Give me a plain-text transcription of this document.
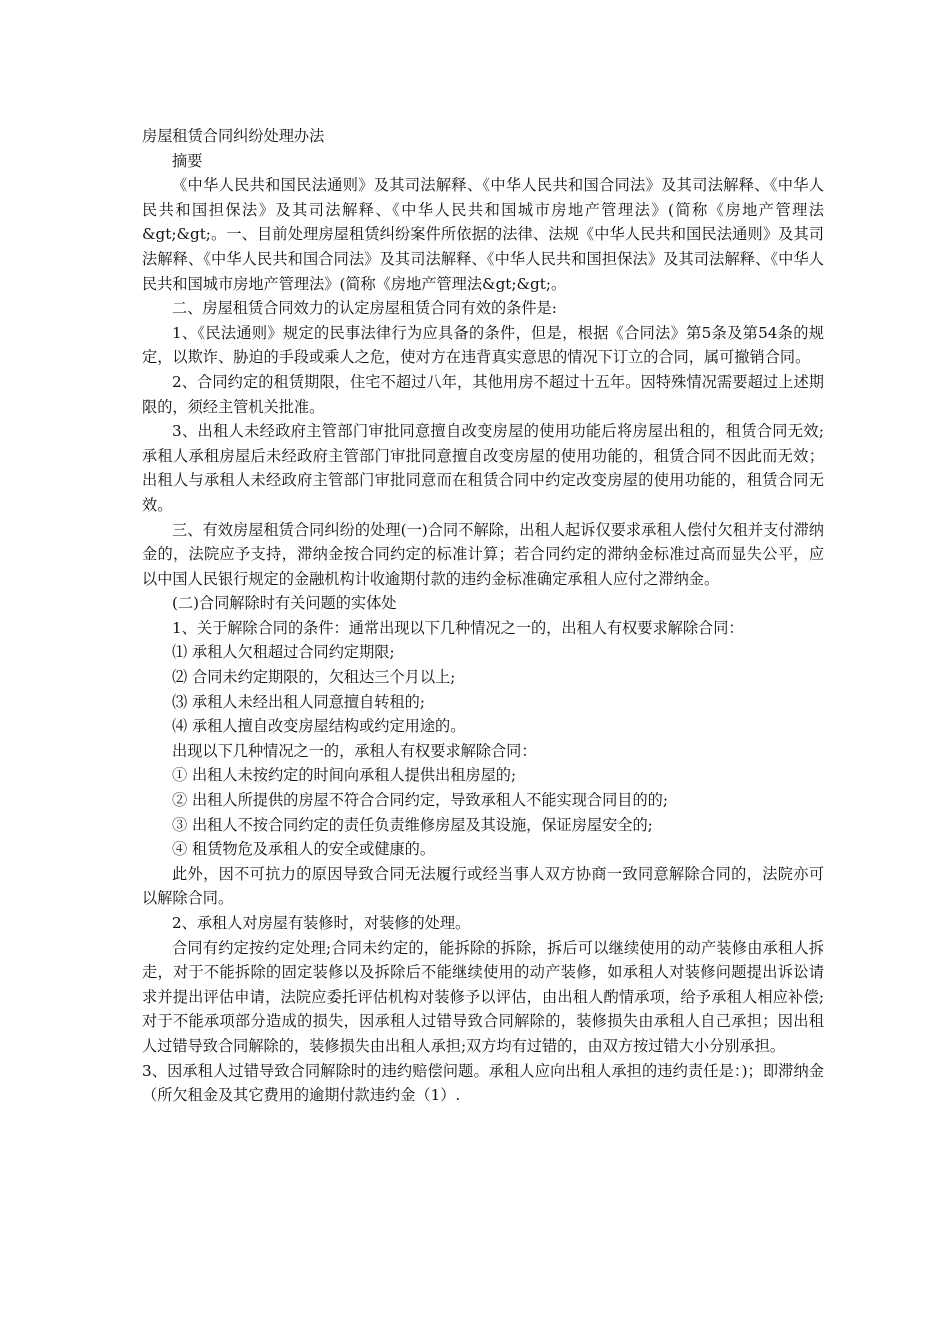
房屋租赁合同纠纷处理办法

摘要

《中华人民共和国民法通则》及其司法解释、《中华人民共和国合同法》及其司法解释、《中华人民共和国担保法》及其司法解释、《中华人民共和国城市房地产管理法》(简称《房地产管理法&gt;&gt;。一、目前处理房屋租赁纠纷案件所依据的法律、法规《中华人民共和国民法通则》及其司法解释、《中华人民共和国合同法》及其司法解释、《中华人民共和国担保法》及其司法解释、《中华人民共和国城市房地产管理法》(简称《房地产管理法&gt;&gt;。

二、房屋租赁合同效力的认定房屋租赁合同有效的条件是:

1、《民法通则》规定的民事法律行为应具备的条件，但是，根据《合同法》第5条及第54条的规定，以欺诈、胁迫的手段或乘人之危，使对方在违背真实意思的情况下订立的合同，属可撤销合同。

2、合同约定的租赁期限，住宅不超过八年，其他用房不超过十五年。因特殊情况需要超过上述期限的，须经主管机关批准。

3、出租人未经政府主管部门审批同意擅自改变房屋的使用功能后将房屋出租的，租赁合同无效;承租人承租房屋后未经政府主管部门审批同意擅自改变房屋的使用功能的，租赁合同不因此而无效；出租人与承租人未经政府主管部门审批同意而在租赁合同中约定改变房屋的使用功能的，租赁合同无效。

三、有效房屋租赁合同纠纷的处理(一)合同不解除，出租人起诉仅要求承租人偿付欠租并支付滞纳金的，法院应予支持，滞纳金按合同约定的标准计算；若合同约定的滞纳金标准过高而显失公平，应以中国人民银行规定的金融机构计收逾期付款的违约金标准确定承租人应付之滞纳金。

(二)合同解除时有关问题的实体处

1、关于解除合同的条件：通常出现以下几种情况之一的，出租人有权要求解除合同：

⑴ 承租人欠租超过合同约定期限;

⑵ 合同未约定期限的，欠租达三个月以上;

⑶ 承租人未经出租人同意擅自转租的;

⑷ 承租人擅自改变房屋结构或约定用途的。

出现以下几种情况之一的，承租人有权要求解除合同：

① 出租人未按约定的时间向承租人提供出租房屋的;

② 出租人所提供的房屋不符合合同约定，导致承租人不能实现合同目的的;

③ 出租人不按合同约定的责任负责维修房屋及其设施，保证房屋安全的;

④ 租赁物危及承租人的安全或健康的。

此外，因不可抗力的原因导致合同无法履行或经当事人双方协商一致同意解除合同的，法院亦可以解除合同。

2、承租人对房屋有装修时，对装修的处理。

合同有约定按约定处理;合同未约定的，能拆除的拆除，拆后可以继续使用的动产装修由承租人拆走，对于不能拆除的固定装修以及拆除后不能继续使用的动产装修，如承租人对装修问题提出诉讼请求并提出评估申请，法院应委托评估机构对装修予以评估，由出租人酌情承项，给予承租人相应补偿;对于不能承项部分造成的损失，因承租人过错导致合同解除的，装修损失由承租人自己承担；因出租人过错导致合同解除的，装修损失由出租人承担;双方均有过错的，由双方按过错大小分别承担。

3、因承租人过错导致合同解除时的违约赔偿问题。承租人应向出租人承担的违约责任是：)；即滞纳金（所欠租金及其它费用的逾期付款违约金（1）.
